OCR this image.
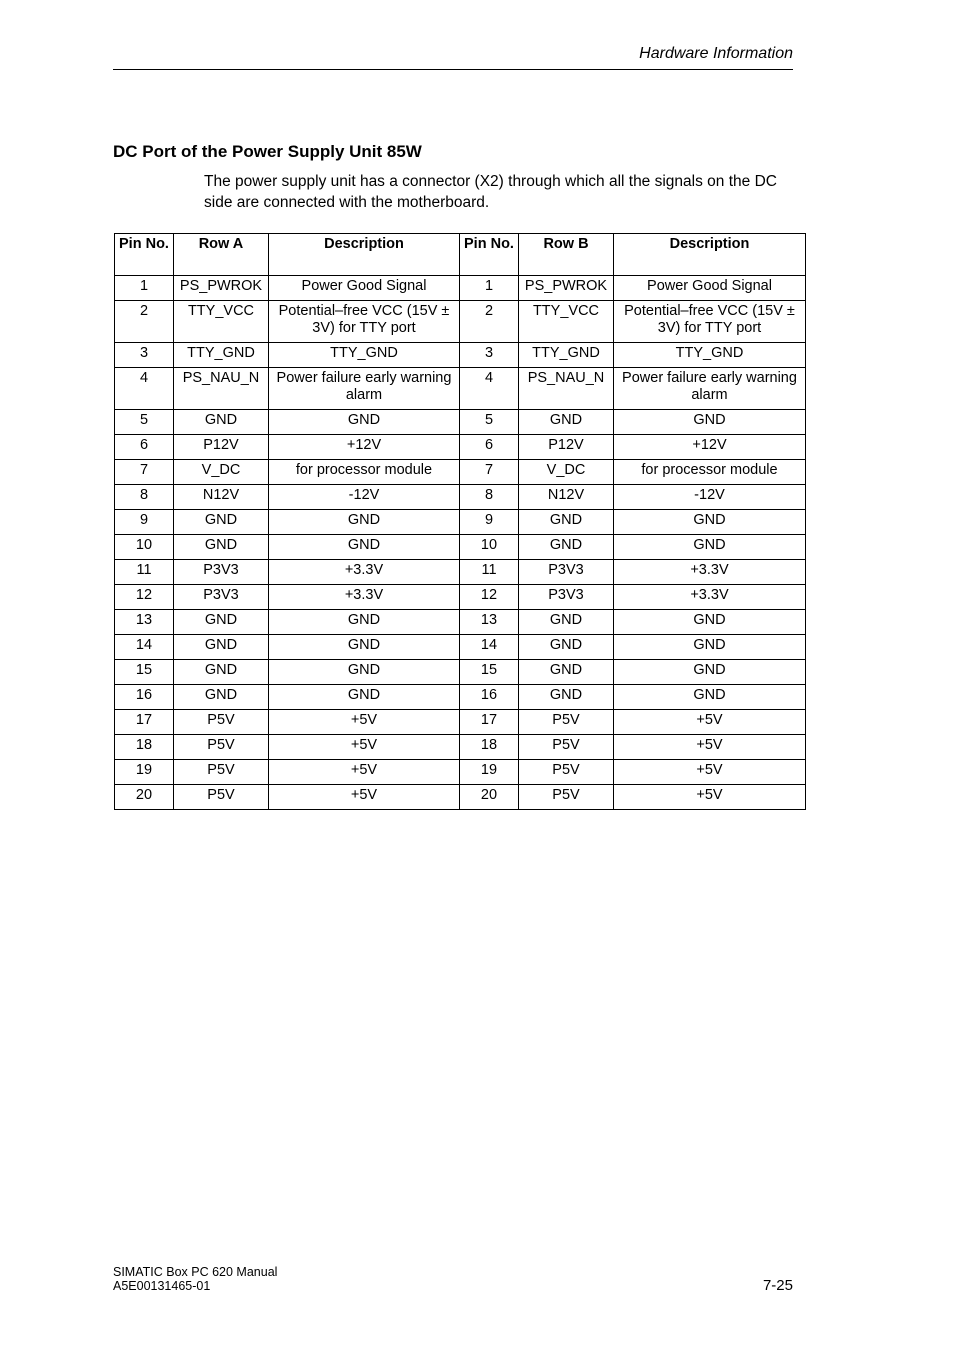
Hardware Information
DC Port of the Power Supply Unit 85W
The power supply unit has a connector (X2) through which all the signals on the DC side are connected with the motherboard.
Pin No.	Row A	Description	Pin No.	Row B	Description
1	PS_PWROK	Power Good Signal	1	PS_PWROK	Power Good Signal
2	TTY_VCC	Potential–free VCC (15V ± 3V) for TTY port	2	TTY_VCC	Potential–free VCC (15V ± 3V) for TTY port
3	TTY_GND	TTY_GND	3	TTY_GND	TTY_GND
4	PS_NAU_N	Power failure early warning alarm	4	PS_NAU_N	Power failure early warning alarm
5	GND	GND	5	GND	GND
6	P12V	+12V	6	P12V	+12V
7	V_DC	for processor module	7	V_DC	for processor module
8	N12V	-12V	8	N12V	-12V
9	GND	GND	9	GND	GND
10	GND	GND	10	GND	GND
11	P3V3	+3.3V	11	P3V3	+3.3V
12	P3V3	+3.3V	12	P3V3	+3.3V
13	GND	GND	13	GND	GND
14	GND	GND	14	GND	GND
15	GND	GND	15	GND	GND
16	GND	GND	16	GND	GND
17	P5V	+5V	17	P5V	+5V
18	P5V	+5V	18	P5V	+5V
19	P5V	+5V	19	P5V	+5V
20	P5V	+5V	20	P5V	+5V
SIMATIC Box PC 620 Manual
A5E00131465-01	7-25
